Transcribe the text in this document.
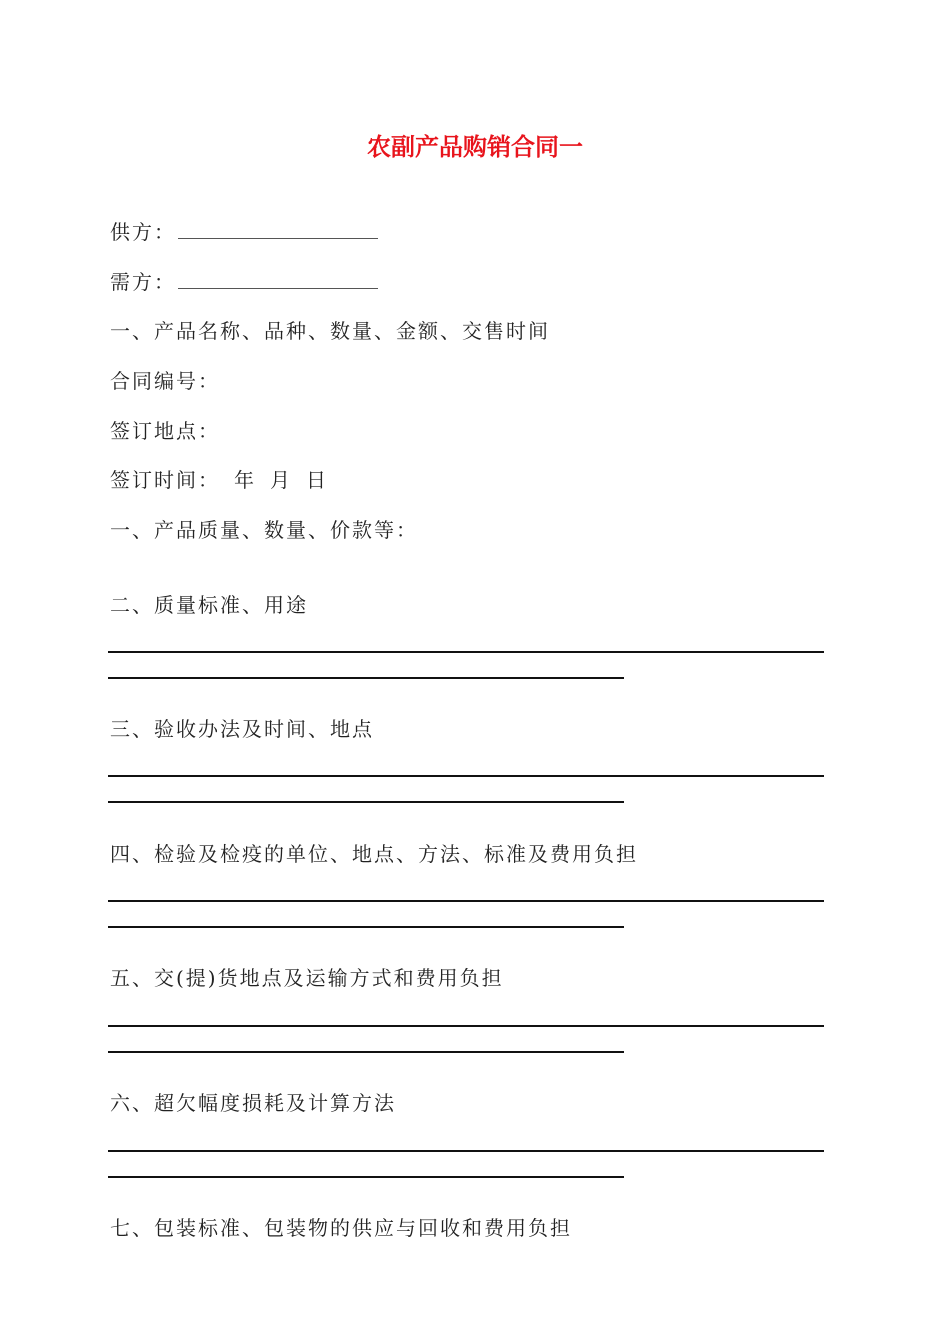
农副产品购销合同一
供方：
需方：
一、产品名称、品种、数量、金额、交售时间
合同编号：
签订地点：
签订时间： 年 月 日
一、产品质量、数量、价款等：
二、质量标准、用途
三、验收办法及时间、地点
四、检验及检疫的单位、地点、方法、标准及费用负担
五、交(提)货地点及运输方式和费用负担
六、超欠幅度损耗及计算方法
七、包装标准、包装物的供应与回收和费用负担
